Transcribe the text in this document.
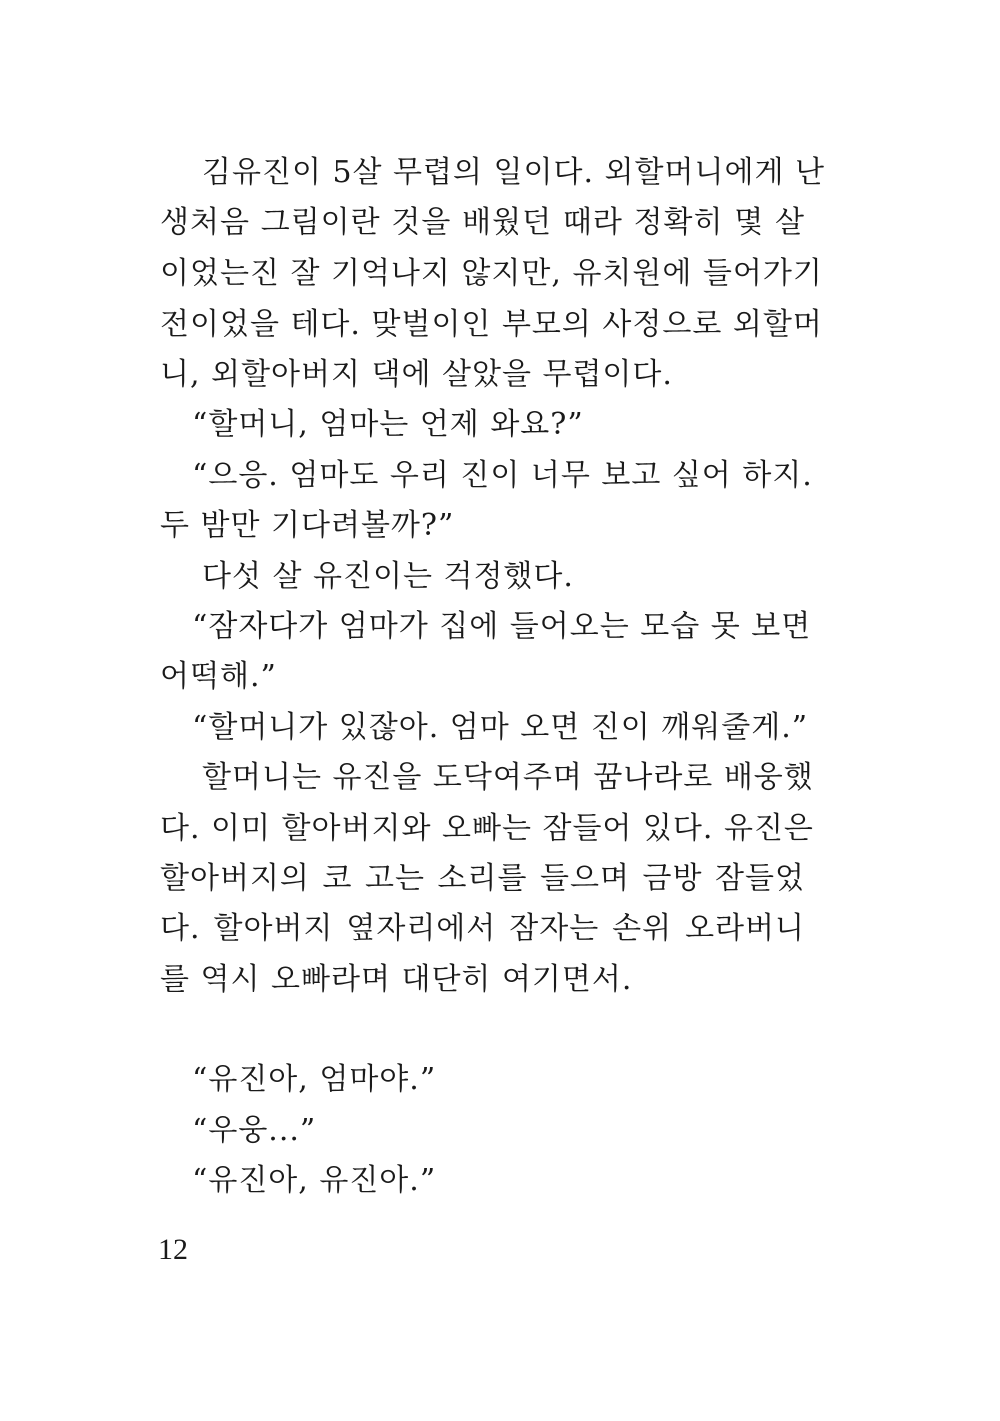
김유진이 5살 무렵의 일이다. 외할머니에게 난
생처음 그림이란 것을 배웠던 때라 정확히 몇 살
이었는진 잘 기억나지 않지만, 유치원에 들어가기
전이었을 테다. 맞벌이인 부모의 사정으로 외할머
니, 외할아버지 댁에 살았을 무렵이다.
“할머니, 엄마는 언제 와요?”
“으응. 엄마도 우리 진이 너무 보고 싶어 하지.
두 밤만 기다려볼까?”
다섯 살 유진이는 걱정했다.
“잠자다가 엄마가 집에 들어오는 모습 못 보면
어떡해.”
“할머니가 있잖아. 엄마 오면 진이 깨워줄게.”
할머니는 유진을 도닥여주며 꿈나라로 배웅했
다. 이미 할아버지와 오빠는 잠들어 있다. 유진은
할아버지의 코 고는 소리를 들으며 금방 잠들었
다. 할아버지 옆자리에서 잠자는 손위 오라버니
를 역시 오빠라며 대단히 여기면서.
“유진아, 엄마야.”
“우웅...”
“유진아, 유진아.”
12
